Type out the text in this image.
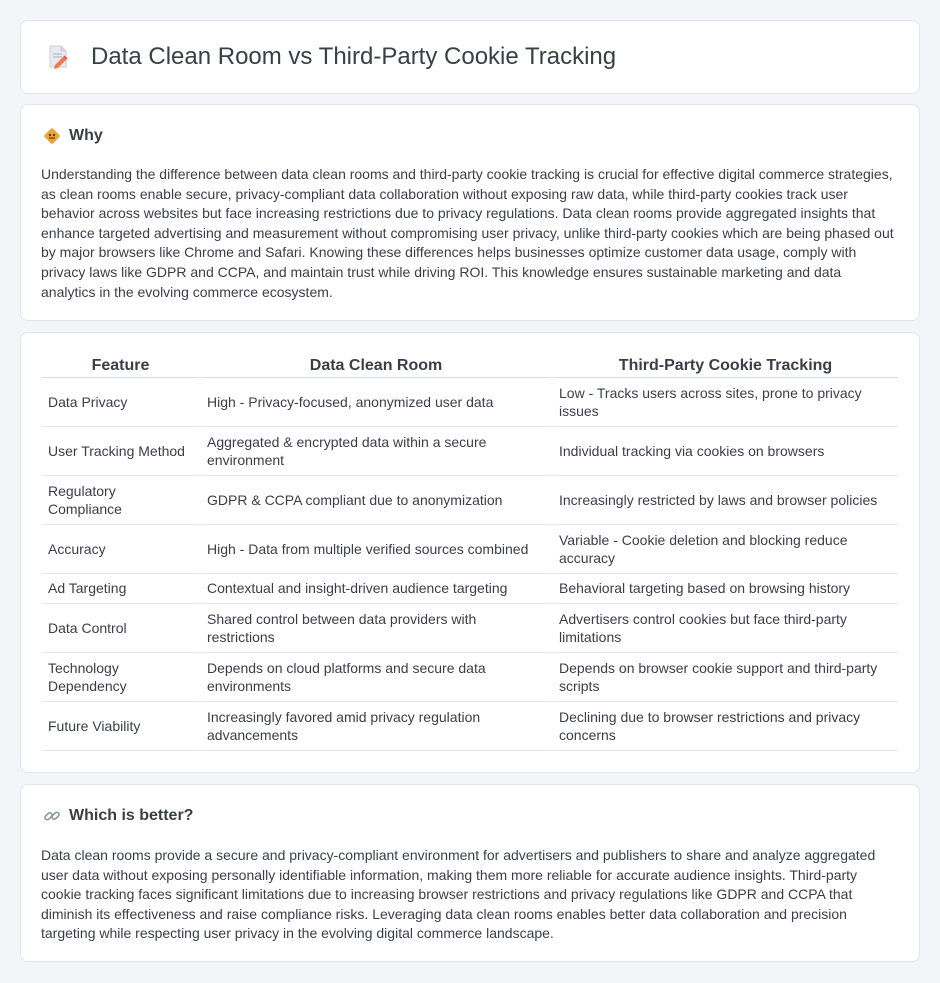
Data Clean Room vs Third-Party Cookie Tracking
Why

Understanding the difference between data clean rooms and third-party cookie tracking is crucial for effective digital commerce strategies, as clean rooms enable secure, privacy-compliant data collaboration without exposing raw data, while third-party cookies track user behavior across websites but face increasing restrictions due to privacy regulations. Data clean rooms provide aggregated insights that enhance targeted advertising and measurement without compromising user privacy, unlike third-party cookies which are being phased out by major browsers like Chrome and Safari. Knowing these differences helps businesses optimize customer data usage, comply with privacy laws like GDPR and CCPA, and maintain trust while driving ROI. This knowledge ensures sustainable marketing and data analytics in the evolving commerce ecosystem.

Feature	Data Clean Room	Third-Party Cookie Tracking
Data Privacy	High - Privacy-focused, anonymized user data	Low - Tracks users across sites, prone to privacy issues
User Tracking Method	Aggregated & encrypted data within a secure environment	Individual tracking via cookies on browsers
Regulatory Compliance	GDPR & CCPA compliant due to anonymization	Increasingly restricted by laws and browser policies
Accuracy	High - Data from multiple verified sources combined	Variable - Cookie deletion and blocking reduce accuracy
Ad Targeting	Contextual and insight-driven audience targeting	Behavioral targeting based on browsing history
Data Control	Shared control between data providers with restrictions	Advertisers control cookies but face third-party limitations
Technology Dependency	Depends on cloud platforms and secure data environments	Depends on browser cookie support and third-party scripts
Future Viability	Increasingly favored amid privacy regulation advancements	Declining due to browser restrictions and privacy concerns
Which is better?

Data clean rooms provide a secure and privacy-compliant environment for advertisers and publishers to share and analyze aggregated user data without exposing personally identifiable information, making them more reliable for accurate audience insights. Third-party cookie tracking faces significant limitations due to increasing browser restrictions and privacy regulations like GDPR and CCPA that diminish its effectiveness and raise compliance risks. Leveraging data clean rooms enables better data collaboration and precision targeting while respecting user privacy in the evolving digital commerce landscape.
